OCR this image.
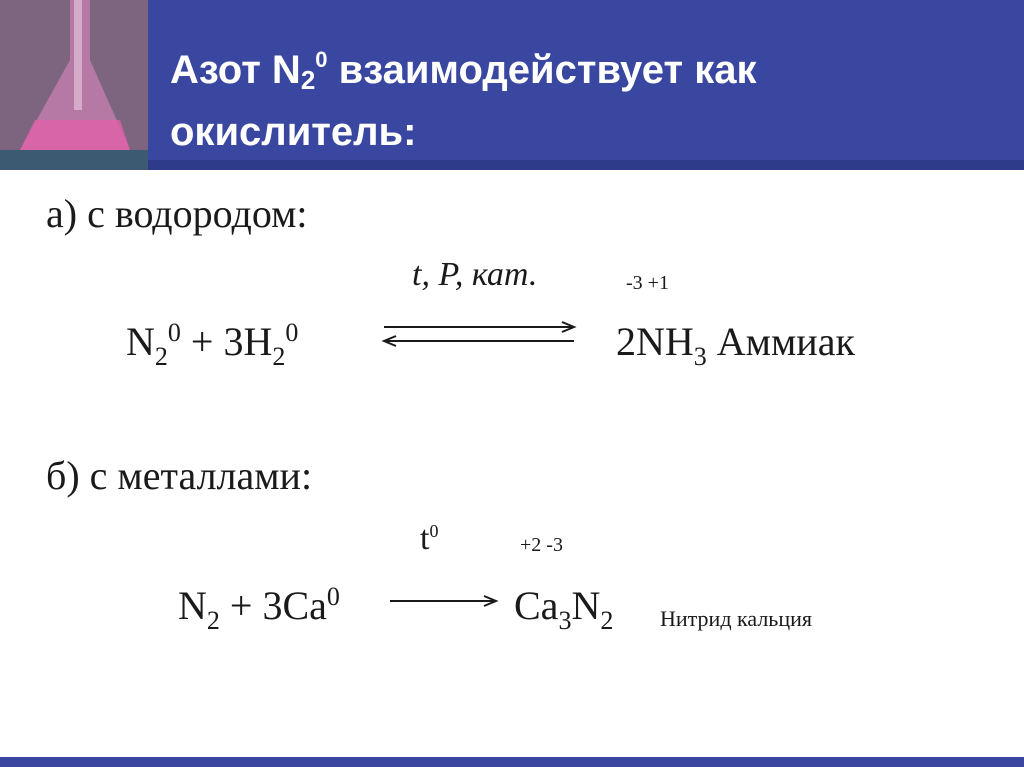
Азот $N_2^0$ взаимодействует как
окислитель:
а) с водородом:
t, P, кат.	-3 +1
$N_2^0 + 3H_2^0$	$2NH_3$ Аммиак
б) с металлами:
$t^0$
+2 -3
$N_2 + 3Ca^0$	$Ca_3N_2$ Нитрид кальция
